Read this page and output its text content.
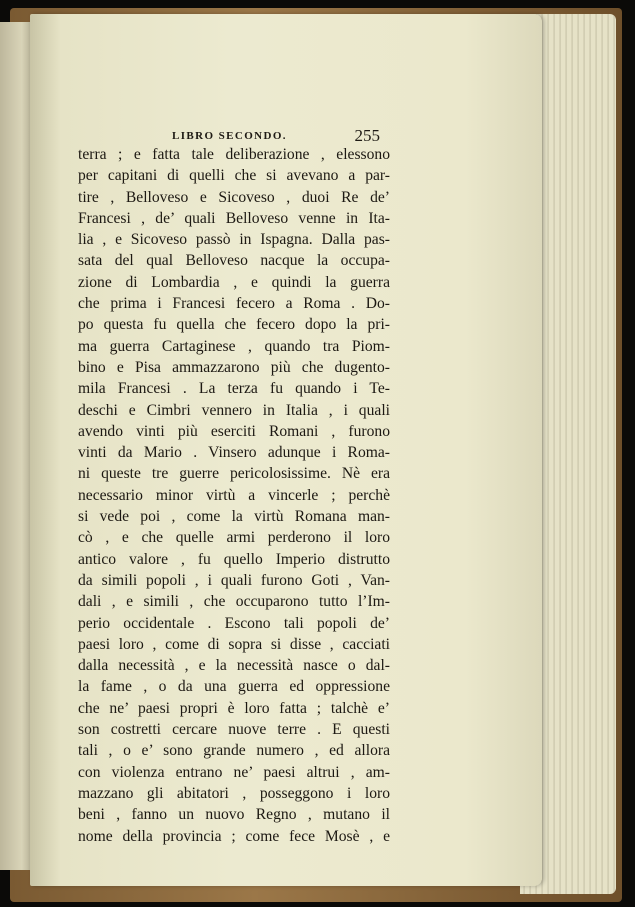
LIBRO SECONDO.	255
terra ; e fatta tale deliberazione , elessono
per capitani di quelli che si avevano a par-
tire , Belloveso e Sicoveso , duoi Re de’
Francesi , de’ quali Belloveso venne in Ita-
lia , e Sicoveso passò in Ispagna. Dalla pas-
sata del qual Belloveso nacque la occupa-
zione di Lombardia , e quindi la guerra
che prima i Francesi fecero a Roma . Do-
po questa fu quella che fecero dopo la pri-
ma guerra Cartaginese , quando tra Piom-
bino e Pisa ammazzarono più che dugento-
mila Francesi . La terza fu quando i Te-
deschi e Cimbri vennero in Italia , i quali
avendo vinti più eserciti Romani , furono
vinti da Mario . Vinsero adunque i Roma-
ni queste tre guerre pericolosissime. Nè era
necessario minor virtù a vincerle ; perchè
si vede poi , come la virtù Romana man-
cò , e che quelle armi perderono il loro
antico valore , fu quello Imperio distrutto
da simili popoli , i quali furono Goti , Van-
dali , e simili , che occuparono tutto l’Im-
perio occidentale . Escono tali popoli de’
paesi loro , come di sopra si disse , cacciati
dalla necessità , e la necessità nasce o dal-
la fame , o da una guerra ed oppressione
che ne’ paesi propri è loro fatta ; talchè e’
son costretti cercare nuove terre . E questi
tali , o e’ sono grande numero , ed allora
con violenza entrano ne’ paesi altrui , am-
mazzano gli abitatori , posseggono i loro
beni , fanno un nuovo Regno , mutano il
nome della provincia ; come fece Mosè , e
